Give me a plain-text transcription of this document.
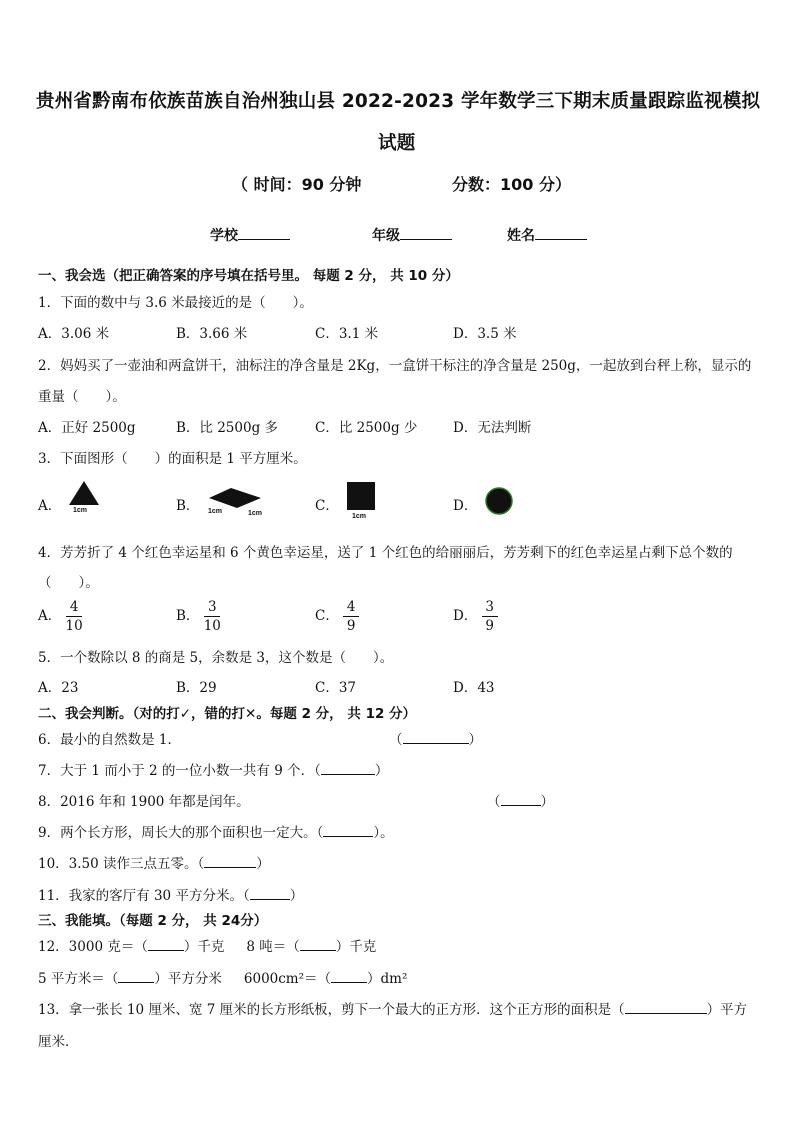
贵州省黔南布依族苗族自治州独山县 2022-2023 学年数学三下期末质量跟踪监视模拟
试题
（ 时间：90 分钟	分数：100 分）
学校	年级	姓名
一、我会选（把正确答案的序号填在括号里。 每题 2 分， 共 10 分）
1．下面的数中与 3.6 米最接近的是（　　）。
A．3.06 米	B．3.66 米	C．3.1 米	D．3.5 米
2．妈妈买了一壶油和两盒饼干，油标注的净含量是 2Kg，一盒饼干标注的净含量是 250g，一起放到台秤上称，显示的
重量（　　）。
A．正好 2500g	B．比 2500g 多	C．比 2500g 少	D．无法判断
3．下面图形（　　）的面积是 1 平方厘米。
A． 1cm	B． 1cm	1cm	C．
1cm
D．
4．芳芳折了 4 个红色幸运星和 6 个黄色幸运星，送了 1 个红色的给丽丽后，芳芳剩下的红色幸运星占剩下总个数的
（　　）。
A． $\frac{4}{10}$	B． $\frac{3}{10}$	C． $\frac{4}{9}$	D． $\frac{3}{9}$
5．一个数除以 8 的商是 5，余数是 3，这个数是（　　）。
A．23	B．29	C．37	D．43
二、我会判断。（对的打✓，错的打✕。每题 2 分， 共 12 分）
6．最小的自然数是 1．	（	）
7．大于 1 而小于 2 的一位小数一共有 9 个．（	）
8．2016 年和 1900 年都是闰年。	（	）
9．两个长方形，周长大的那个面积也一定大。（	）。
10．3.50 读作三点五零。（	）
11．我家的客厅有 30 平方分米。（	）
三、我能填。（每题 2 分， 共 24分）
12．3000 克＝（	）千克 8 吨＝（	）千克
5 平方米＝（	）平方分米 6000cm²＝（	）dm²
13．拿一张长 10 厘米、宽 7 厘米的长方形纸板，剪下一个最大的正方形．这个正方形的面积是（	）平方
厘米．
